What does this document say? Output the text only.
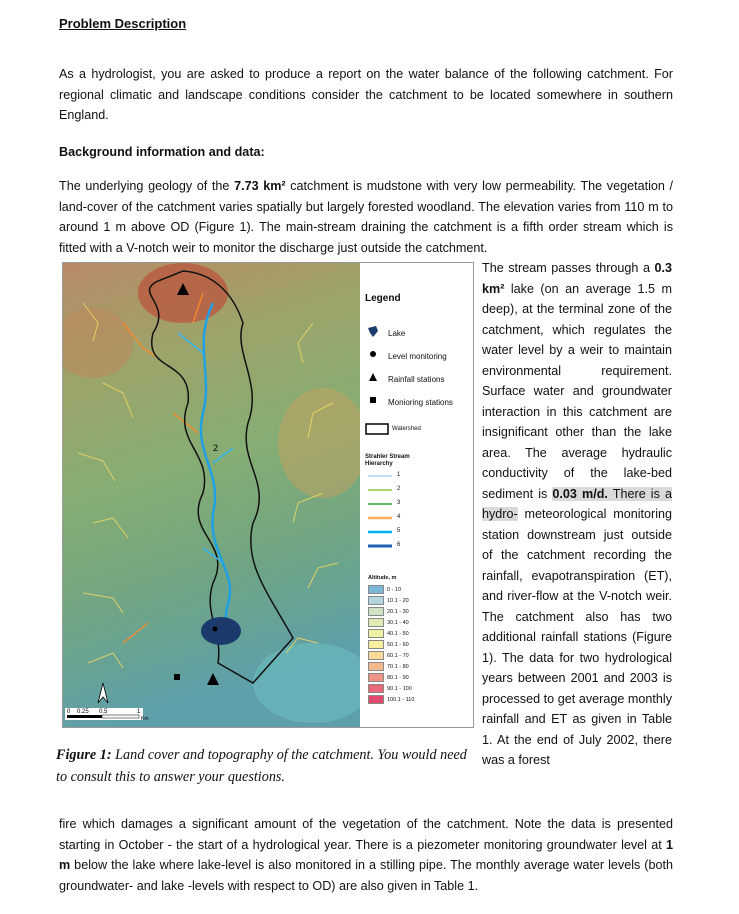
Problem Description
As a hydrologist, you are asked to produce a report on the water balance of the following catchment. For regional climatic and landscape conditions consider the catchment to be located somewhere in southern England.
Background information and data:
The underlying geology of the 7.73 km² catchment is mudstone with very low permeability. The vegetation / land-cover of the catchment varies spatially but largely forested woodland. The elevation varies from 110 m to around 1 m above OD (Figure 1). The main-stream draining the catchment is a fifth order stream which is fitted with a V-notch weir to monitor the discharge just outside the catchment.
The stream passes through a 0.3 km² lake (on an average 1.5 m deep), at the terminal zone of the catchment, which regulates the water level by a weir to maintain environmental requirement. Surface water and groundwater interaction in this catchment are insignificant other than the lake area. The average hydraulic conductivity of the lake-bed sediment is 0.03 m/d. There is a hydro- meteorological monitoring station downstream just outside of the catchment recording the rainfall, evapotranspiration (ET), and river-flow at the V-notch weir. The catchment also has two additional rainfall stations (Figure 1). The data for two hydrological years between 2001 and 2003 is processed to get average monthly rainfall and ET as given in Table 1. At the end of July 2002, there was a forest
fire which damages a significant amount of the vegetation of the catchment. Note the data is presented starting in October - the start of a hydrological year. There is a piezometer monitoring groundwater level at 1 m below the lake where lake-level is also monitored in a stilling pipe. The monthly average water levels (both groundwater- and lake -levels with respect to OD) are also given in Table 1.
Figure 1: Land cover and topography of the catchment. You would need to consult this to answer your questions.
2
0 0.25 0.5	1
Km
Legend
Lake
Level monitoring
Rainfall stations
Monioring stations
Watershed
Strahler Stream Hierarchy
1
2
3
4
5
6
Altitude, m
0 - 10
10.1 - 20
20.1 - 30
30.1 - 40
40.1 - 50
50.1 - 60
60.1 - 70
70.1 - 80
80.1 - 90
90.1 - 100
100.1 - 110
